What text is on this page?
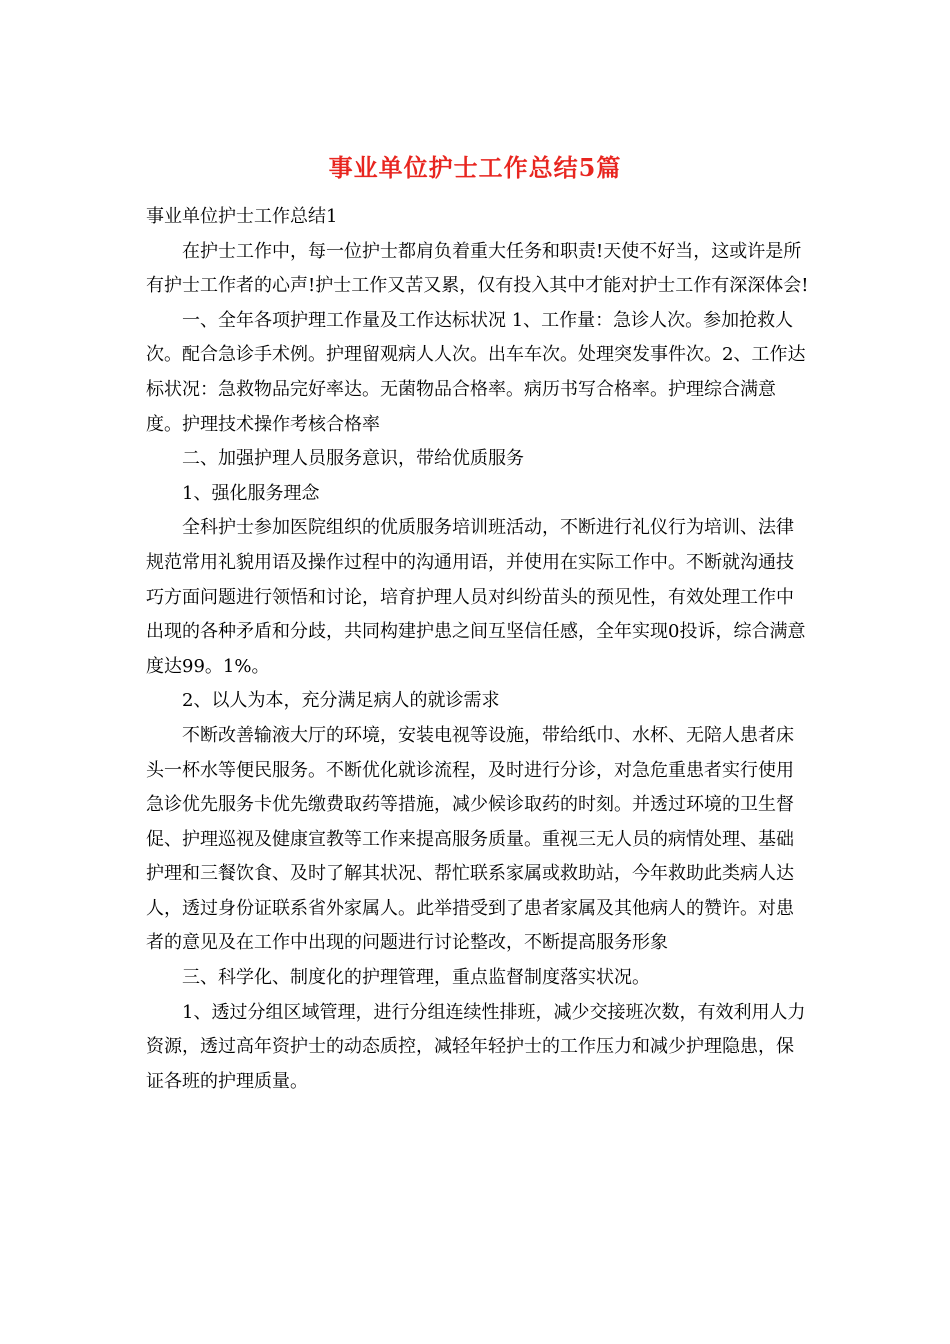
事业单位护士工作总结5篇

事业单位护士工作总结1

在护士工作中，每一位护士都肩负着重大任务和职责!天使不好当，这或许是所有护士工作者的心声!护士工作又苦又累，仅有投入其中才能对护士工作有深深体会!

一、全年各项护理工作量及工作达标状况 1、工作量：急诊人次。参加抢救人次。配合急诊手术例。护理留观病人人次。出车车次。处理突发事件次。2、工作达标状况：急救物品完好率达。无菌物品合格率。病历书写合格率。护理综合满意度。护理技术操作考核合格率

二、加强护理人员服务意识，带给优质服务

1、强化服务理念

全科护士参加医院组织的优质服务培训班活动，不断进行礼仪行为培训、法律规范常用礼貌用语及操作过程中的沟通用语，并使用在实际工作中。不断就沟通技巧方面问题进行领悟和讨论，培育护理人员对纠纷苗头的预见性，有效处理工作中出现的各种矛盾和分歧，共同构建护患之间互坚信任感，全年实现0投诉，综合满意度达99。1%。

2、以人为本，充分满足病人的就诊需求

不断改善输液大厅的环境，安装电视等设施，带给纸巾、水杯、无陪人患者床头一杯水等便民服务。不断优化就诊流程，及时进行分诊，对急危重患者实行使用急诊优先服务卡优先缴费取药等措施，减少候诊取药的时刻。并透过环境的卫生督促、护理巡视及健康宣教等工作来提高服务质量。重视三无人员的病情处理、基础护理和三餐饮食、及时了解其状况、帮忙联系家属或救助站，今年救助此类病人达人，透过身份证联系省外家属人。此举措受到了患者家属及其他病人的赞许。对患者的意见及在工作中出现的问题进行讨论整改，不断提高服务形象

三、科学化、制度化的护理管理，重点监督制度落实状况。

1、透过分组区域管理，进行分组连续性排班，减少交接班次数，有效利用人力资源，透过高年资护士的动态质控，减轻年轻护士的工作压力和减少护理隐患，保证各班的护理质量。
